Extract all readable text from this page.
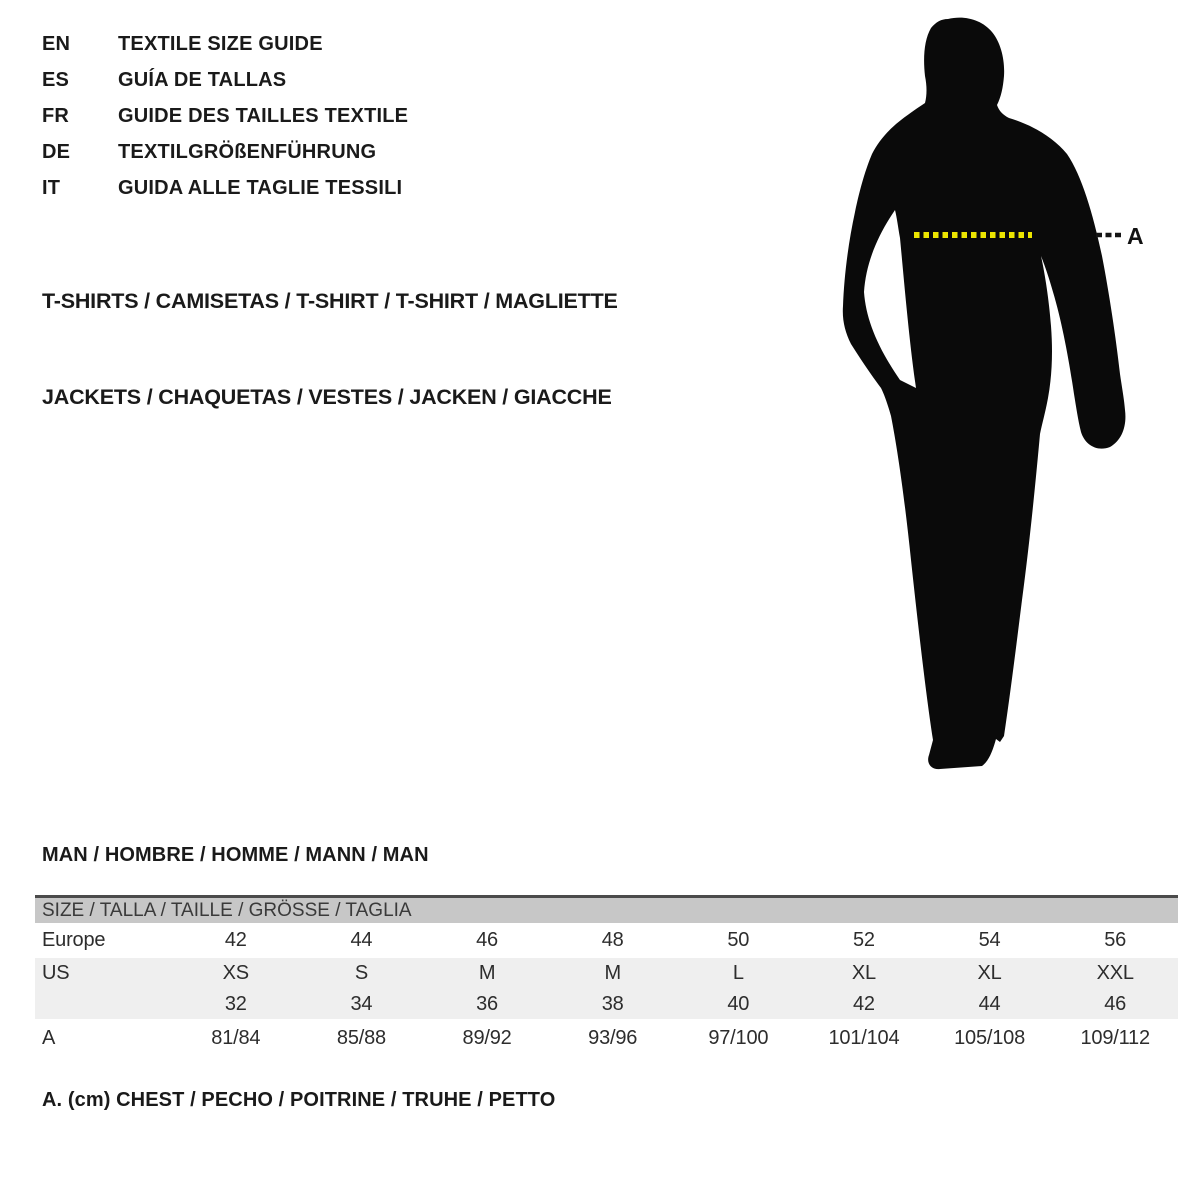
EN	TEXTILE SIZE GUIDE
ES	GUÍA DE TALLAS
FR	GUIDE DES TAILLES TEXTILE
DE	TEXTILGRÖßENFÜHRUNG
IT	GUIDA ALLE TAGLIE TESSILI

T-SHIRTS / CAMISETAS / T-SHIRT / T-SHIRT / MAGLIETTE

JACKETS / CHAQUETAS / VESTES / JACKEN / GIACCHE

A
MAN / HOMBRE / HOMME / MANN / MAN
SIZE / TALLA / TAILLE / GRÖSSE / TAGLIA								
Europe	42	44	46	48	50	52	54	56
US	XS	S	M	M	L	XL	XL	XXL
	32	34	36	38	40	42	44	46
A	81/84	85/88	89/92	93/96	97/100	101/104	105/108	109/112
A. (cm) CHEST / PECHO / POITRINE / TRUHE / PETTO
